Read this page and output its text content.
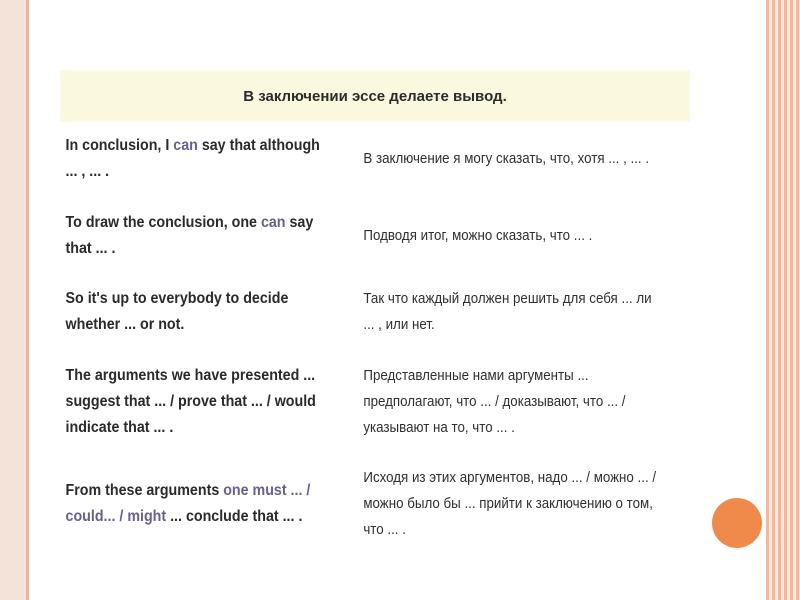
В заключении эссе делаете вывод.
In conclusion, I can say that although ... , ... .
В заключение я могу сказать, что, хотя ... , ... .
To draw the conclusion, one can say that ... .
Подводя итог, можно сказать, что ... .
So it's up to everybody to decide whether ... or not.
Так что каждый должен решить для себя ... ли ... , или нет.
The arguments we have presented ... suggest that ... / prove that ... / would indicate that ... .
Представленные нами аргументы ... предполагают, что ... / доказывают, что ... / указывают на то, что ... .
From these arguments one must ... / could... / might ... conclude that ... .
Исходя из этих аргументов, надо ... / можно ... / можно было бы ... прийти к заключению о том, что ... .
